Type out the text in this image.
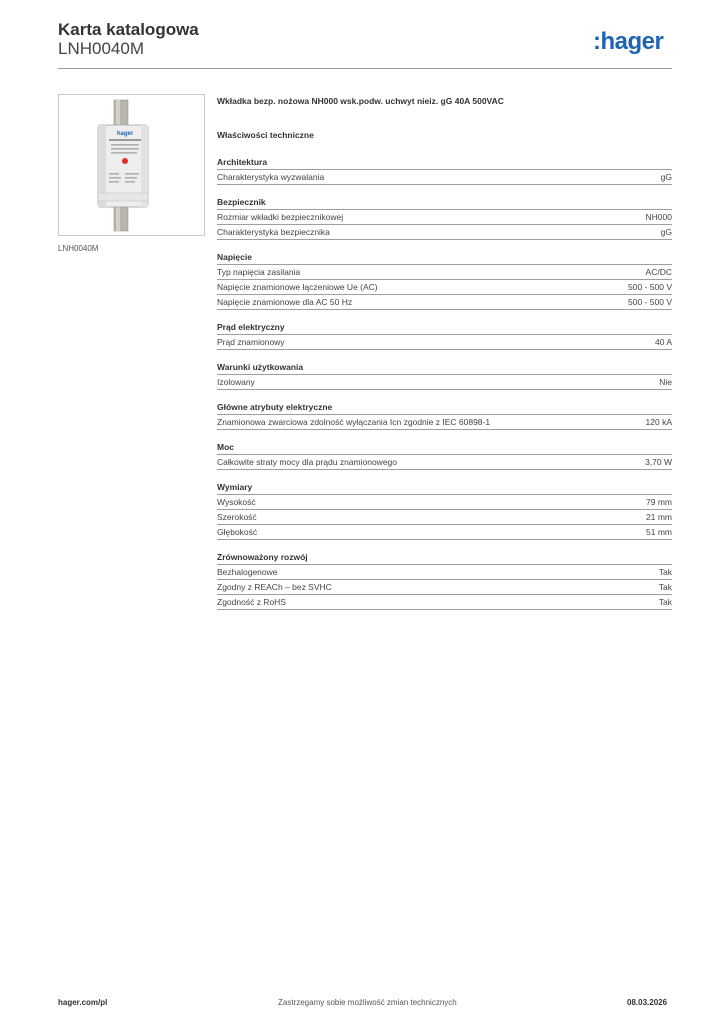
Karta katalogowa
LNH0040M	:hager
hager
LNH0040M
Wkładka bezp. nożowa NH000 wsk.podw. uchwyt nieiz. gG 40A 500VAC
Właściwości techniczne
Architektura
Charakterystyka wyzwalania	gG
Bezpiecznik
Rozmiar wkładki bezpiecznikowej	NH000
Charakterystyka bezpiecznika	gG
Napięcie
Typ napięcia zasilania	AC/DC
Napięcie znamionowe łączeniowe Ue (AC)	500 - 500 V
Napięcie znamionowe dla AC 50 Hz	500 - 500 V
Prąd elektryczny
Prąd znamionowy	40 A
Warunki użytkowania
Izolowany	Nie
Główne atrybuty elektryczne
Znamionowa zwarciowa zdolność wyłączania Icn zgodnie z IEC 60898-1	120 kA
Moc
Całkowite straty mocy dla prądu znamionowego	3,70 W
Wymiary
Wysokość	79 mm
Szerokość	21 mm
Głębokość	51 mm
Zrównoważony rozwój
Bezhalogenowe	Tak
Zgodny z REACh – bez SVHC	Tak
Zgodność z RoHS	Tak
hager.com/pl	Zastrzegamy sobie możliwość zmian technicznych	08.03.2026
